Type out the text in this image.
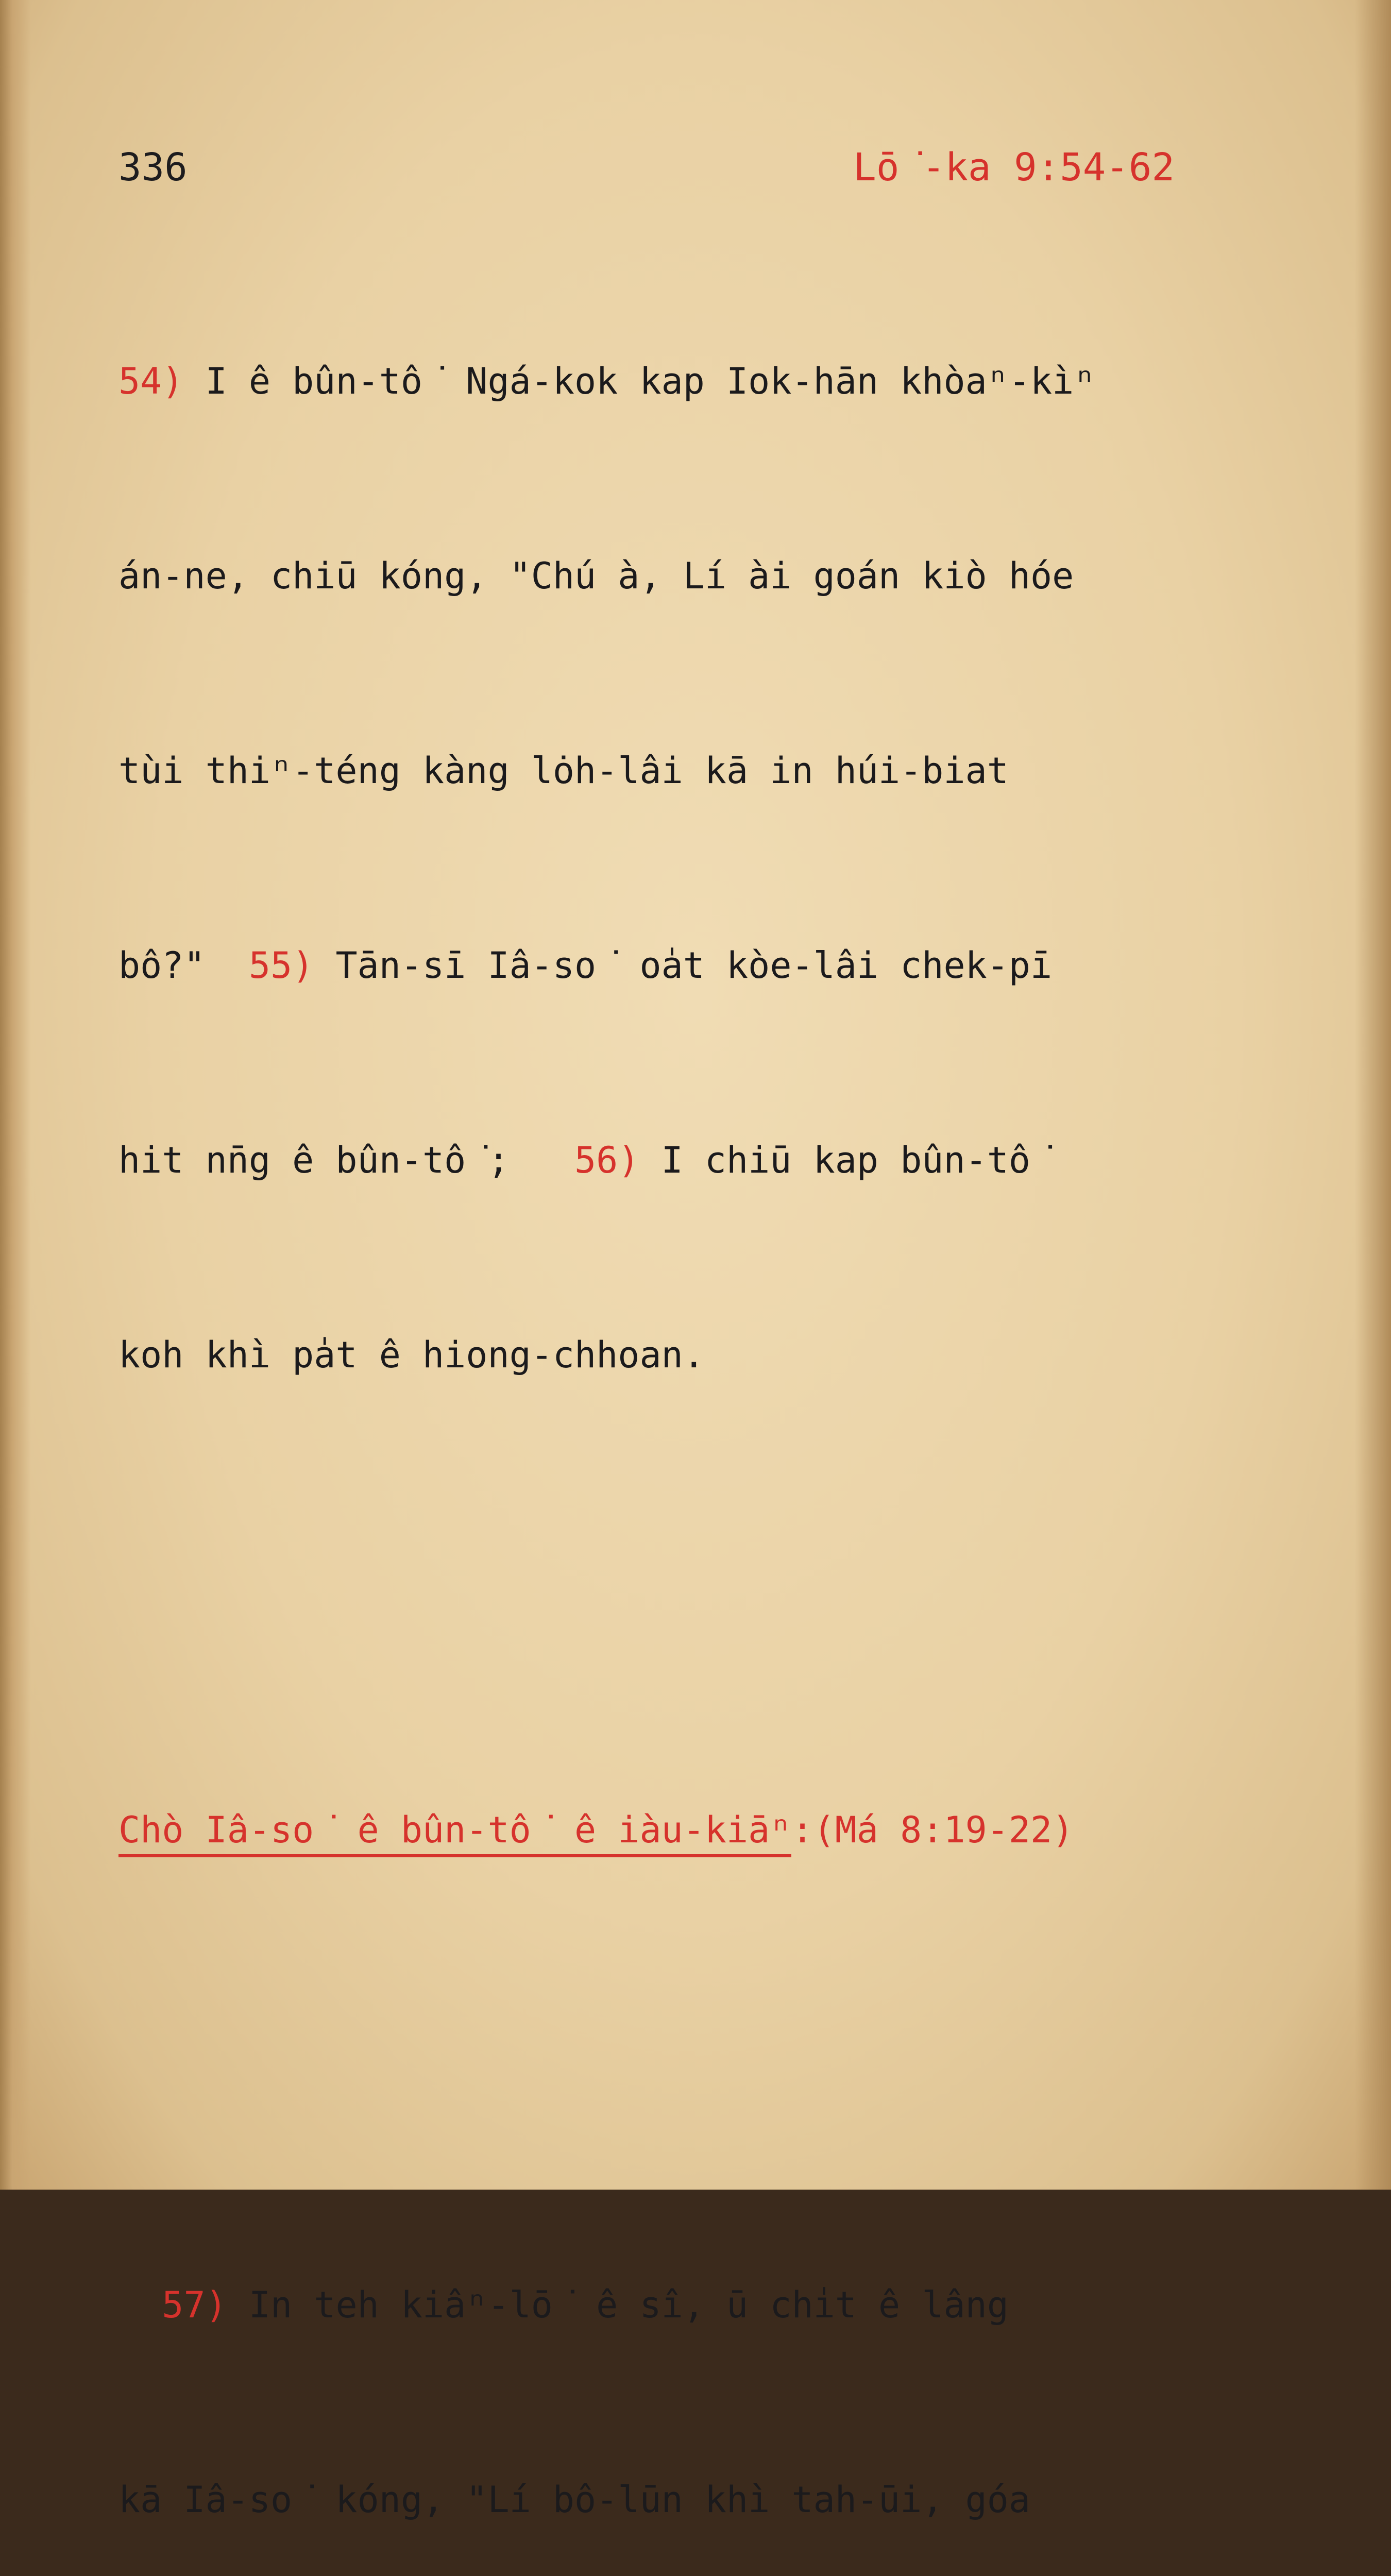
336	Lō͘-ka 9:54-62

54) I ê bûn-tô͘ Ngá-kok kap Iok-hān khòaⁿ-kìⁿ

án-ne, chiū kóng, "Chú à, Lí ài goán kiò hóe

tùi thiⁿ-téng kàng lȯh-lâi kā in húi-biat

bô?" 55) Tān-sī Iâ-so͘ oa̍t kòe-lâi chek-pī

hit nn̄g ê bûn-tô͘; 56) I chiū kap bûn-tô͘

koh khì pa̍t ê hiong-chhoan.

Chò Iâ-so͘ ê bûn-tô͘ ê iàu-kiāⁿ:(Má 8:19-22)

57) In teh kiâⁿ-lō͘ ê sî, ū chi̍t ê lâng

kā Iâ-so͘ kóng, "Lí bô-lūn khì tah-ūi, góa
